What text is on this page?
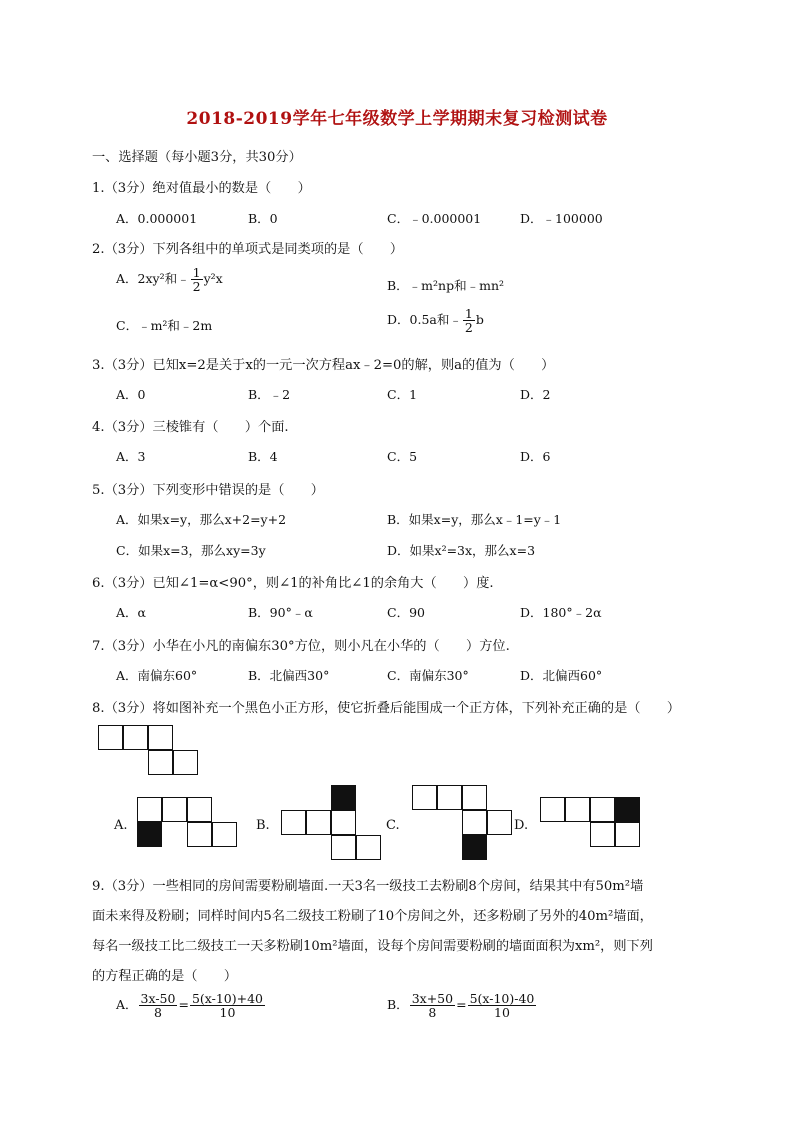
2018-2019学年七年级数学上学期期末复习检测试卷
一、选择题（每小题3分，共30分）
1.（3分）绝对值最小的数是（　　）
A．0.000001	B．0	C．﹣0.000001	D．﹣100000
2.（3分）下列各组中的单项式是同类项的是（　　）
A．2xy²和﹣ $\frac{1}{2} y^2x$	B．﹣m²np和﹣mn²
C．﹣m²和﹣2m	D．0.5a和﹣ $\frac{1}{2}$ b
3.（3分）已知x=2是关于x的一元一次方程ax﹣2=0的解，则a的值为（　　）
A．0	B．﹣2	C．1	D．2
4.（3分）三棱锥有（　　）个面.
A．3	B．4	C．5	D．6
5.（3分）下列变形中错误的是（　　）
A．如果x=y，那么x+2=y+2	B．如果x=y，那么x﹣1=y﹣1
C．如果x=3，那么xy=3y	D．如果x²=3x，那么x=3
6.（3分）已知∠1=α<90°，则∠1的补角比∠1的余角大（　　）度.
A．α	B．90°﹣α	C．90	D．180°﹣2α
7.（3分）小华在小凡的南偏东30°方位，则小凡在小华的（　　）方位.
A．南偏东60°	B．北偏西30°	C．南偏东30°	D．北偏西60°
8.（3分）将如图补充一个黑色小正方形，使它折叠后能围成一个正方体，下列补充正确的是（　　）
A.	B.	C.	D.
9.（3分）一些相同的房间需要粉刷墙面.一天3名一级技工去粉刷8个房间，结果其中有50m²墙
面未来得及粉刷；同样时间内5名二级技工粉刷了10个房间之外，还多粉刷了另外的40m²墙面，
每名一级技工比二级技工一天多粉刷10m²墙面，设每个房间需要粉刷的墙面面积为xm²，则下列
的方程正确的是（　　）
A． $\frac{3x-50}{8} = \frac{5(x-10)+40}{10}$	B． $\frac{3x+50}{8} = \frac{5(x-10)-40}{10}$
